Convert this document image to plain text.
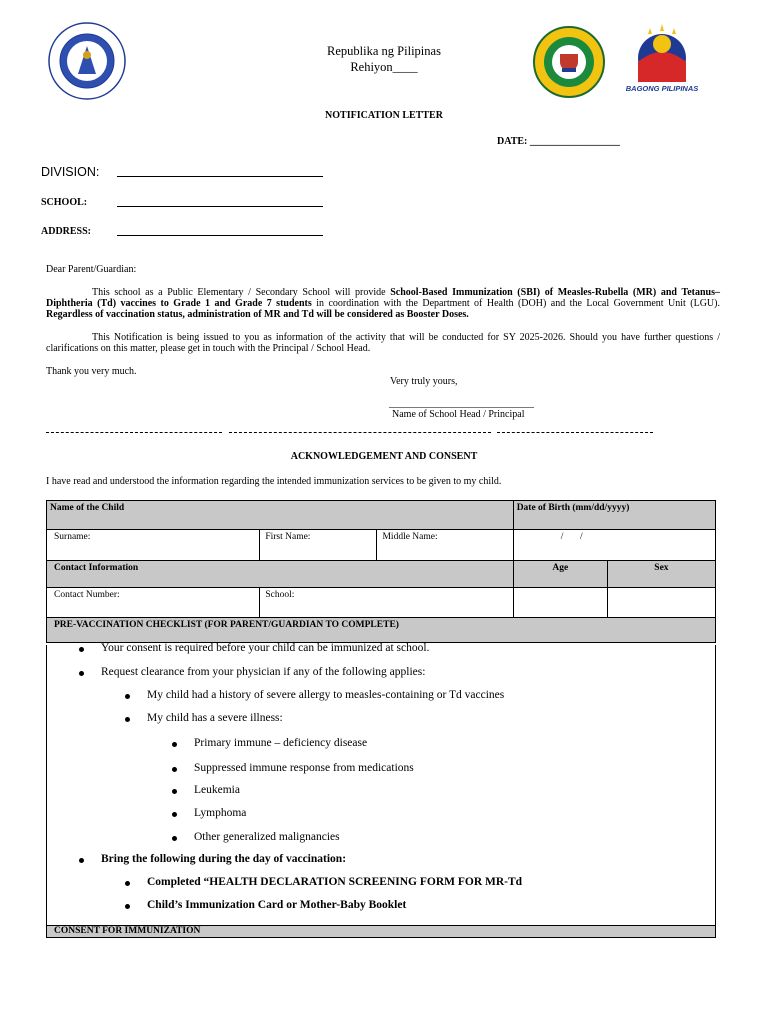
Republika ng Pilipinas
Rehiyon____
BAGONG PILIPINAS
NOTIFICATION LETTER
DATE: __________________
DIVISION:
SCHOOL:
ADDRESS:
Dear Parent/Guardian:
This school as a Public Elementary / Secondary School will provide School-Based Immunization (SBI) of Measles-Rubella (MR) and Tetanus–Diphtheria (Td) vaccines to Grade 1 and Grade 7 students in coordination with the Department of Health (DOH) and the Local Government Unit (LGU). Regardless of vaccination status, administration of MR and Td will be considered as Booster Doses.
This Notification is being issued to you as information of the activity that will be conducted for SY 2025-2026. Should you have further questions / clarifications on this matter, please get in touch with the Principal / School Head.
Thank you very much.
Very truly yours,
_____________________________
Name of School Head / Principal
ACKNOWLEDGEMENT AND CONSENT
I have read and understood the information regarding the intended immunization services to be given to my child.
Name of the Child			Date of Birth (mm/dd/yyyy)	
Surname:	First Name:	Middle Name:	/       /	
Contact Information			Age	Sex
Contact Number:	School:			
PRE-VACCINATION CHECKLIST (FOR PARENT/GUARDIAN TO COMPLETE)				
Your consent is required before your child can be immunized at school.
Request clearance from your physician if any of the following applies:
My child had a history of severe allergy to measles-containing or Td vaccines
My child has a severe illness:
Primary immune – deficiency disease
Suppressed immune response from medications
Leukemia
Lymphoma
Other generalized malignancies
Bring the following during the day of vaccination:
Completed “HEALTH DECLARATION SCREENING FORM FOR MR-Td
Child’s Immunization Card or Mother-Baby Booklet
CONSENT FOR IMMUNIZATION
